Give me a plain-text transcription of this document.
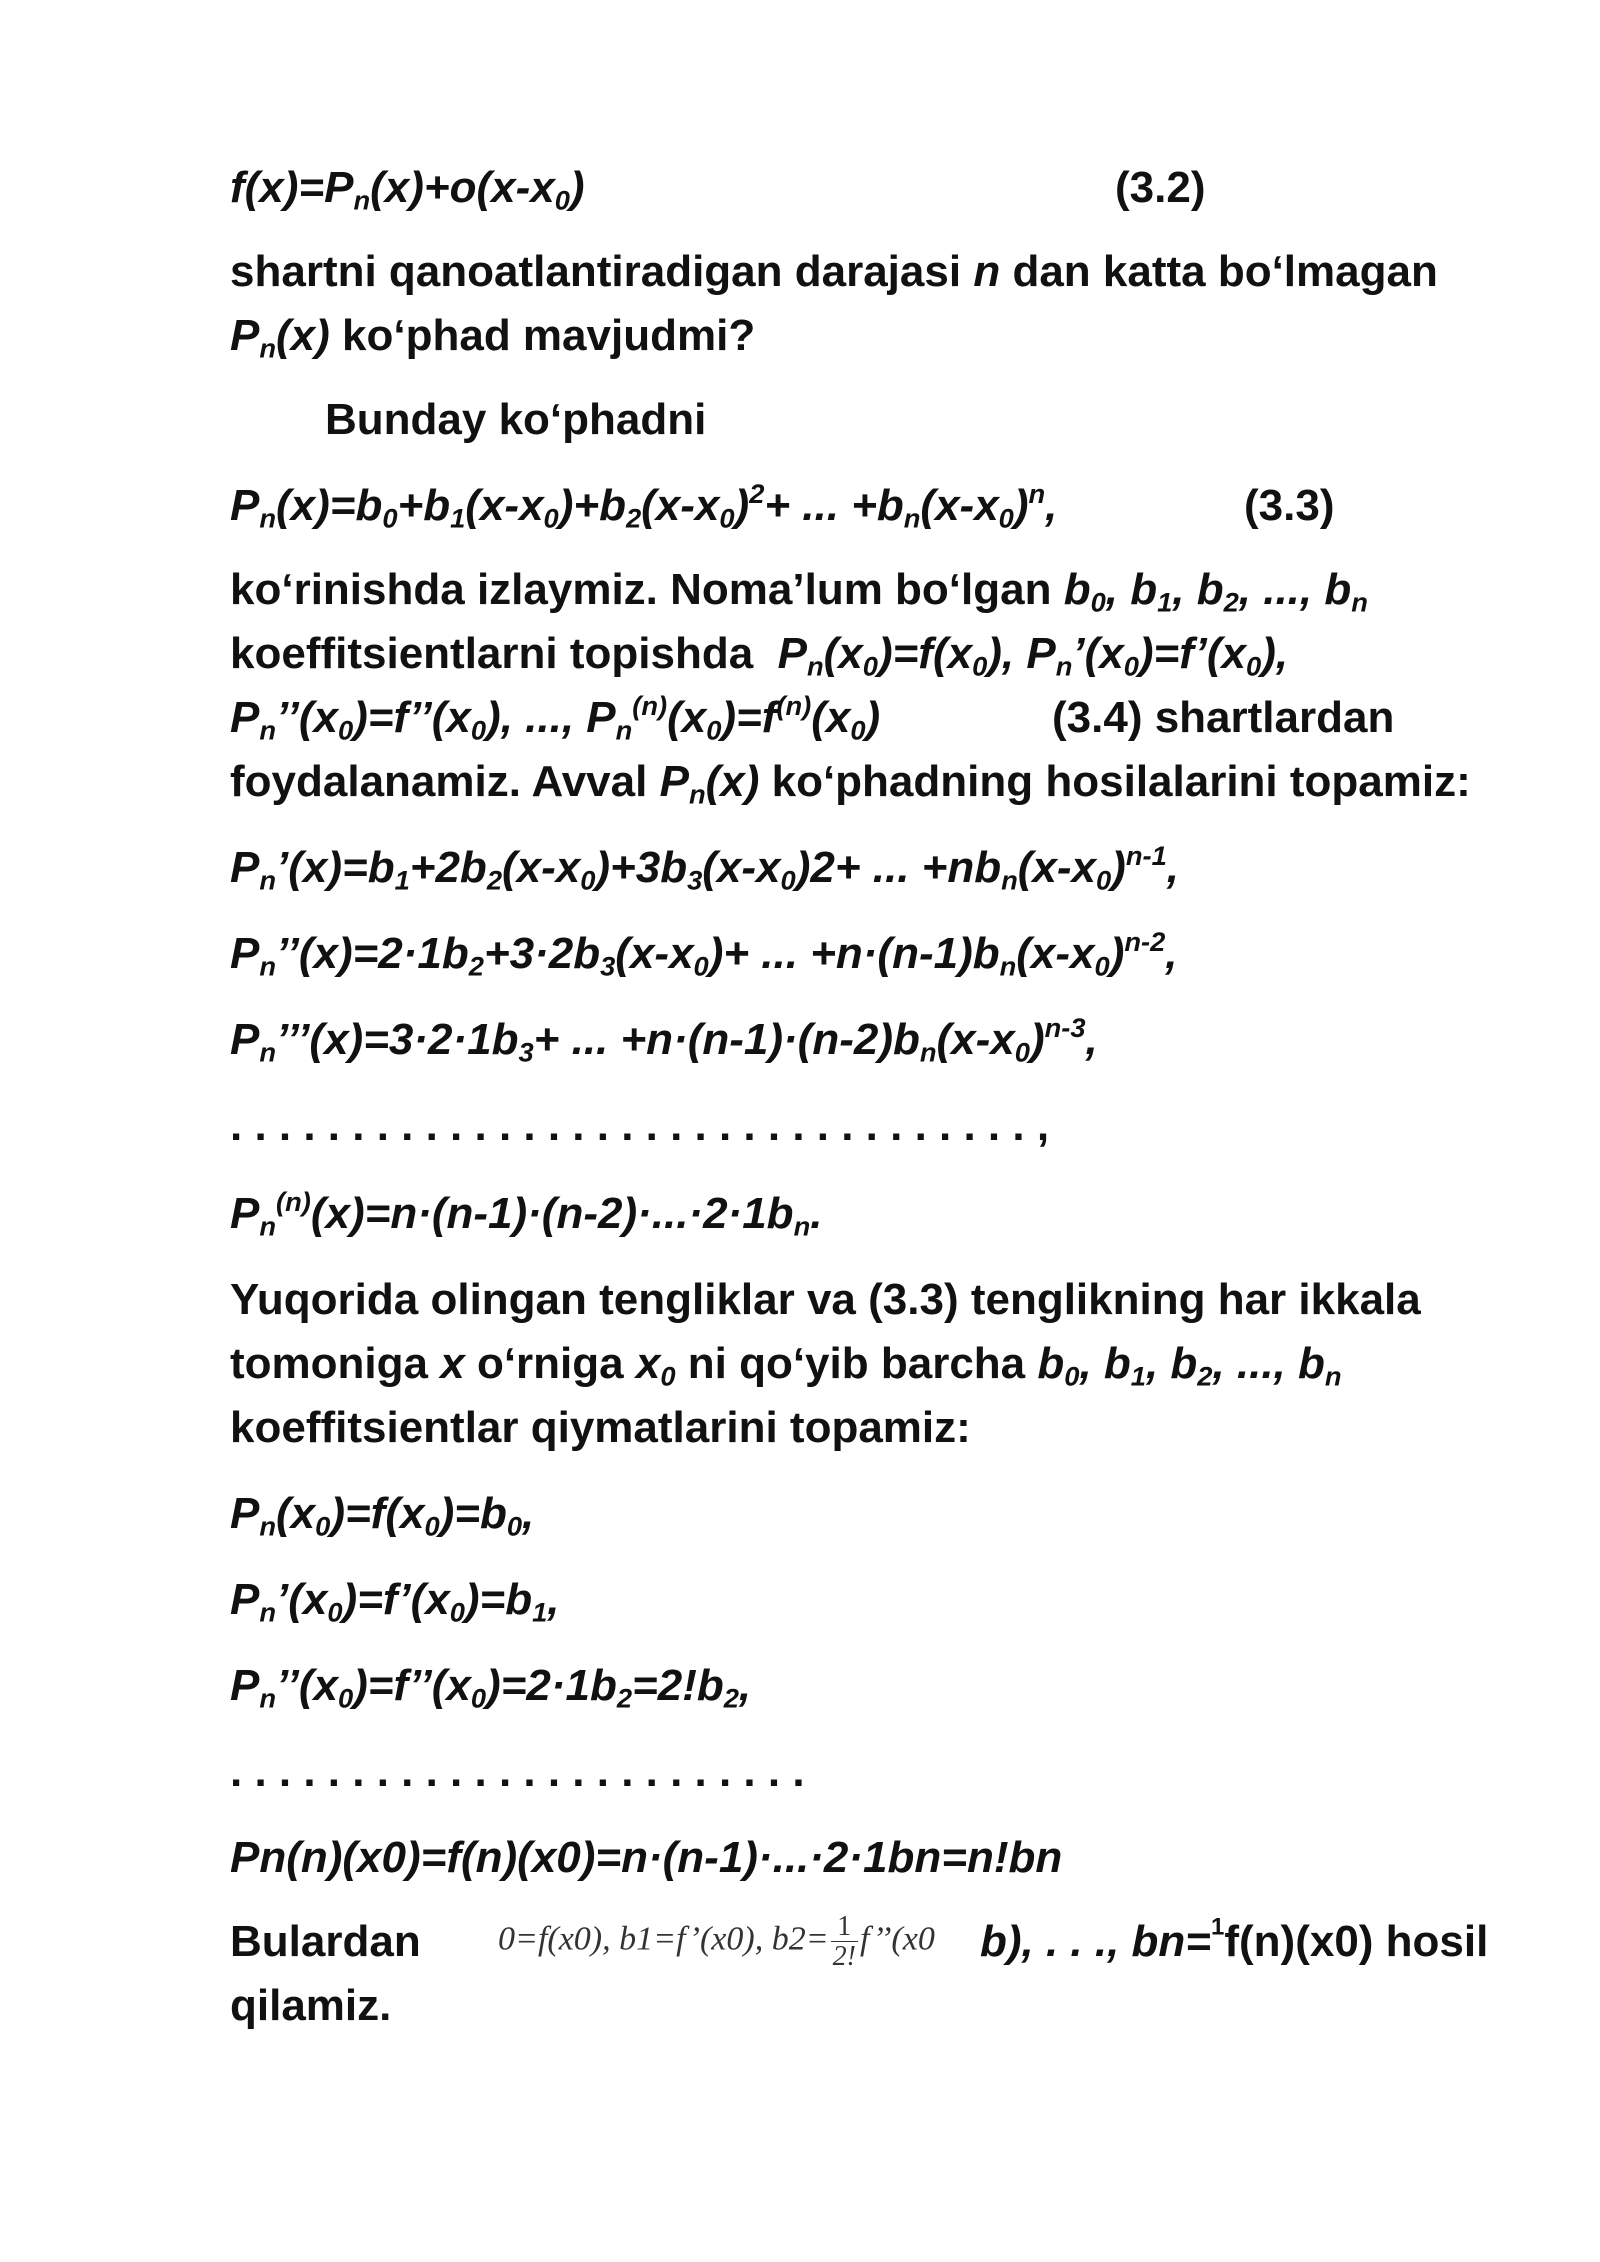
$f(x)=P_n(x)+o(x-x_0)$	(3.2)
shartni qanoatlantiradigan darajasi n dan katta bo‘lmagan
$P_n(x)$ ko‘phad mavjudmi?
Bunday ko‘phadni
$P_n(x)=b_0+b_1(x-x_0)+b_2(x-x_0)^2+$ ... $+b_n(x-x_0)^n$,	(3.3)
ko‘rinishda izlaymiz. Noma’lum bo‘lgan $b_0$, $b_1$, $b_2$, ..., $b_n$
koeffitsientlarni topishda $P_n(x_0)=f(x_0)$, $P_n’(x_0)=f’(x_0)$,
$P_n’’(x_0)=f’’(x_0)$, ..., $P_n^{(n)}(x_0)=f^{(n)}(x_0)$	(3.4) shartlardan
foydalanamiz. Avval $P_n(x)$ ko‘phadning hosilalarini topamiz:
$P_n’(x)=b_1+2b_2(x-x_0)+3b_3(x-x_0)2+$ ... $+nb_n(x-x_0)^{n-1}$,
$P_n’’(x)=2\cdot 1b_2+3\cdot 2b_3(x-x_0)+$ ... $+n\cdot(n-1)b_n(x-x_0)^{n-2}$,
$P_n’’’(x)=3\cdot 2\cdot 1b_3+$ ... $+n\cdot(n-1)\cdot(n-2)b_n(x-x_0)^{n-3}$,
. . . . . . . . . . . . . . . . . . . . . . . . . . . . . . . . . ,
$P_n^{(n)}(x)=n\cdot(n-1)\cdot(n-2)\cdot...\cdot 2\cdot 1b_n$.
Yuqorida olingan tengliklar va (3.3) tenglikning har ikkala
tomoniga x o‘rniga $x_0$ ni qo‘yib barcha $b_0$, $b_1$, $b_2$, ..., $b_n$
koeffitsientlar qiymatlarini topamiz:
$P_n(x_0)=f(x_0)=b_0$,
$P_n’(x_0)=f’(x_0)=b_1$,
$P_n’’(x_0)=f’’(x_0)=2\cdot 1b_2=2!b_2$,
. . . . . . . . . . . . . . . . . . . . . . . .
Pn(n)(x0)=f(n)(x0)=n·(n-1)·...·2·1bn=n!bn
Bulardan 0=f(x0), b1=f’(x0), $b2= \frac{1}{2!}$ f’’(x0 b), . . ., bn=$^1$f(n)(x0) hosil
qilamiz.
